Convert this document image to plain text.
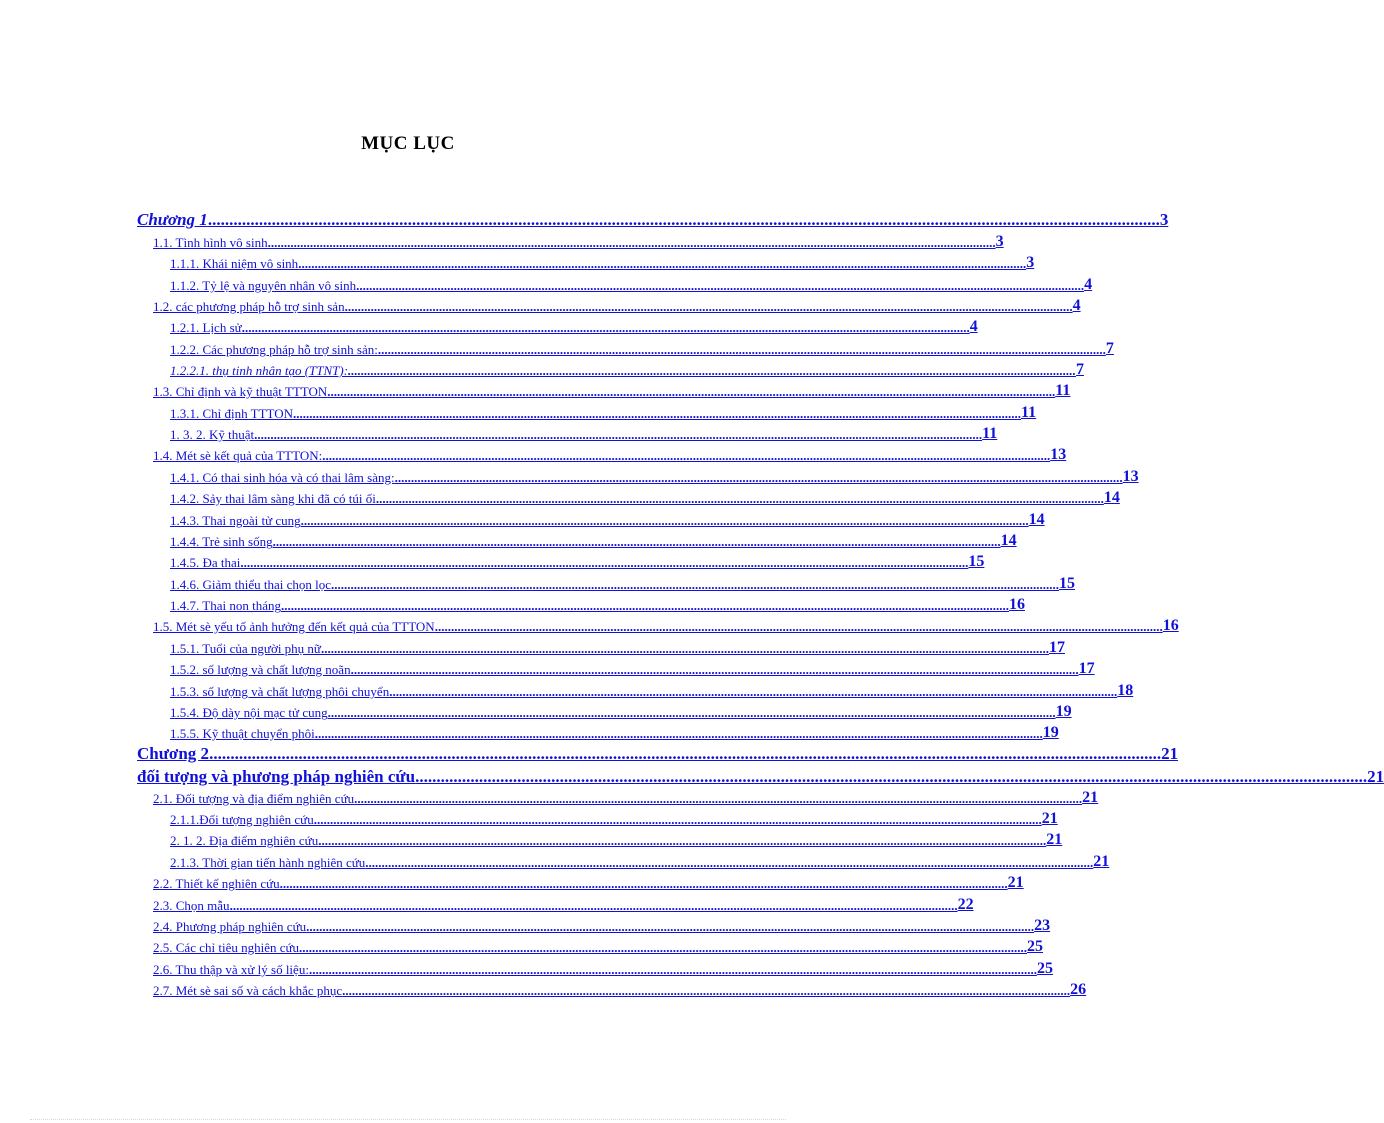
MỤC LỤC
Chương 1 ................................................................................................................................................................................................................................ 3
1.1. Tình hình vô sinh ................................................................................................................................................................................................................................ 3
1.1.1. Khái niệm vô sinh ................................................................................................................................................................................................................................ 3
1.1.2. Tỷ lệ và nguyên nhân vô sinh ................................................................................................................................................................................................................................ 4
1.2. các phương pháp hỗ trợ sinh sản ................................................................................................................................................................................................................................ 4
1.2.1. Lịch sử ................................................................................................................................................................................................................................ 4
1.2.2. Các phương pháp hỗ trợ sinh sản: ................................................................................................................................................................................................................................ 7
1.2.2.1. thụ tinh nhân tạo (TTNT): ................................................................................................................................................................................................................................ 7
1.3. Chỉ định và kỹ thuật TTTON ................................................................................................................................................................................................................................ 11
1.3.1. Chỉ định TTTON ................................................................................................................................................................................................................................ 11
1. 3. 2. Kỹ thuật ................................................................................................................................................................................................................................ 11
1.4. Mét sè kết quả của TTTON: ................................................................................................................................................................................................................................ 13
1.4.1. Có thai sinh hóa và có thai lâm sàng: ................................................................................................................................................................................................................................ 13
1.4.2. Sảy thai lâm sàng khi đã có túi ối ................................................................................................................................................................................................................................ 14
1.4.3. Thai ngoài tử cung ................................................................................................................................................................................................................................ 14
1.4.4. Trẻ sinh sống ................................................................................................................................................................................................................................ 14
1.4.5. Đa thai ................................................................................................................................................................................................................................ 15
1.4.6. Giảm thiểu thai chọn lọc ................................................................................................................................................................................................................................ 15
1.4.7. Thai non tháng ................................................................................................................................................................................................................................ 16
1.5. Mét sè yếu tố ảnh hưởng đến kết quả của TTTON ................................................................................................................................................................................................................................ 16
1.5.1. Tuổi của người phụ nữ ................................................................................................................................................................................................................................ 17
1.5.2. số lượng và chất lượng noãn ................................................................................................................................................................................................................................ 17
1.5.3. số lượng và chất lượng phôi chuyển ................................................................................................................................................................................................................................ 18
1.5.4. Độ dày nội mạc tử cung ................................................................................................................................................................................................................................ 19
1.5.5. Kỹ thuật chuyển phôi ................................................................................................................................................................................................................................ 19
Chương 2 ................................................................................................................................................................................................................................ 21
đối tượng và phương pháp nghiên cứu ................................................................................................................................................................................................................................ 21
2.1. Đối tượng và địa điểm nghiên cứu ................................................................................................................................................................................................................................ 21
2.1.1.Đối tượng nghiên cứu ................................................................................................................................................................................................................................ 21
2. 1. 2. Địa điểm nghiên cứu ................................................................................................................................................................................................................................ 21
2.1.3. Thời gian tiến hành nghiên cứu ................................................................................................................................................................................................................................ 21
2.2. Thiết kế nghiên cứu ................................................................................................................................................................................................................................ 21
2.3. Chọn mẫu ................................................................................................................................................................................................................................ 22
2.4. Phương pháp nghiên cứu ................................................................................................................................................................................................................................ 23
2.5. Các chỉ tiêu nghiên cứu ................................................................................................................................................................................................................................ 25
2.6. Thu thập và xử lý số liệu: ................................................................................................................................................................................................................................ 25
2.7. Mét sè sai số và cách khắc phục ................................................................................................................................................................................................................................ 26
